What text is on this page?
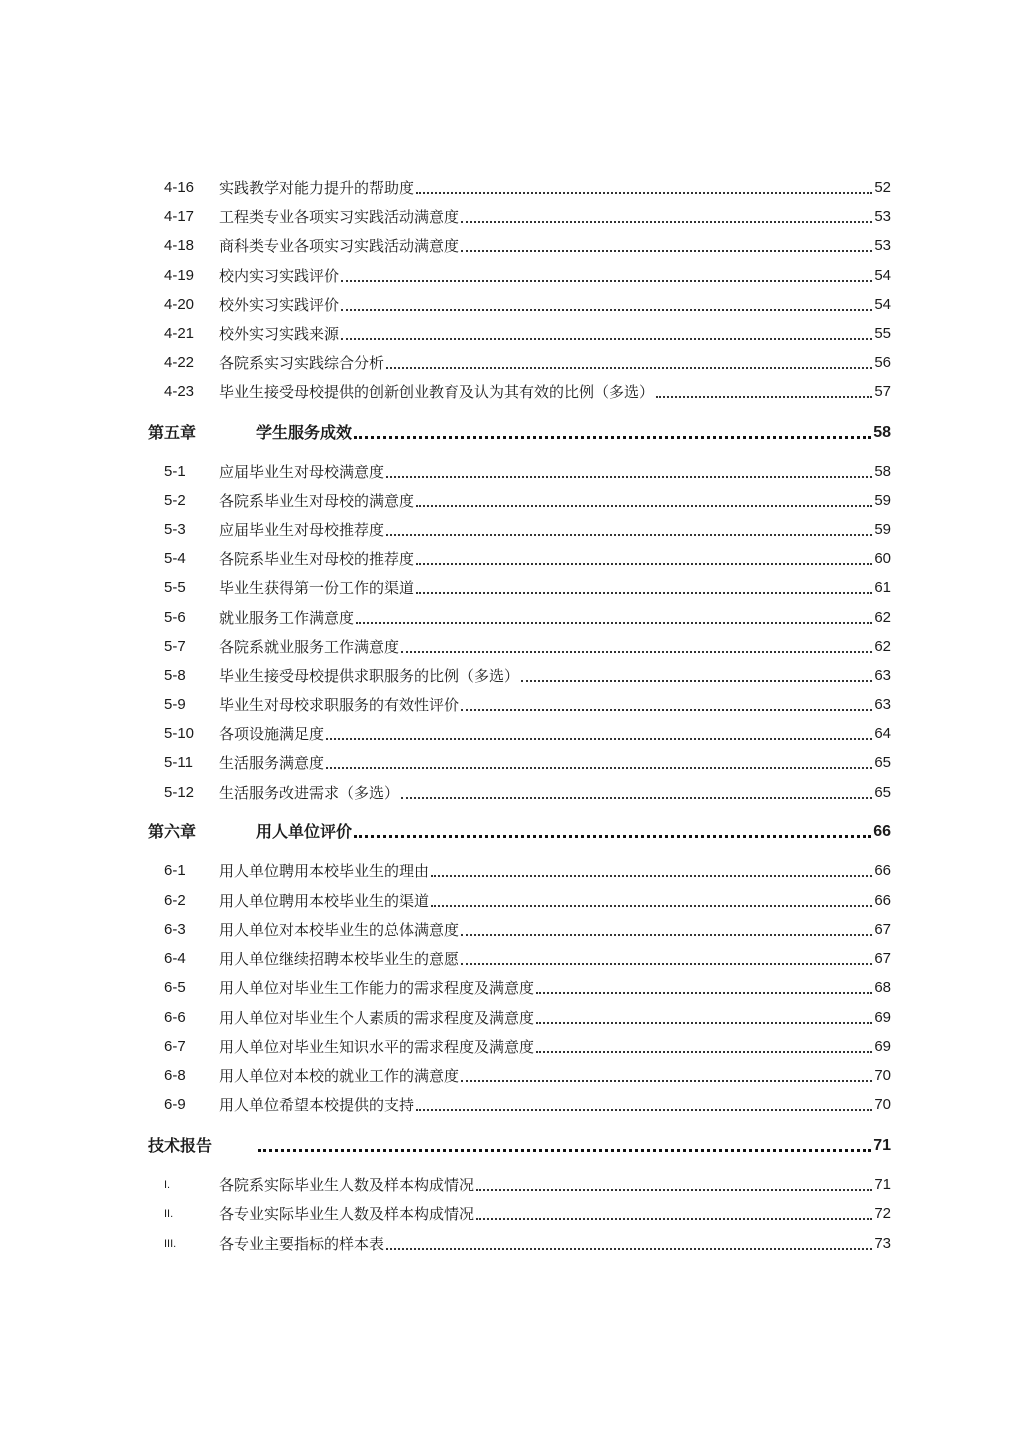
4-16 实践教学对能力提升的帮助度	52
4-17 工程类专业各项实习实践活动满意度	53
4-18 商科类专业各项实习实践活动满意度	53
4-19 校内实习实践评价	54
4-20 校外实习实践评价	54
4-21 校外实习实践来源	55
4-22 各院系实习实践综合分析	56
4-23 毕业生接受母校提供的创新创业教育及认为其有效的比例（多选）	57
第五章	学生服务成效	58
5-1 应届毕业生对母校满意度	58
5-2 各院系毕业生对母校的满意度	59
5-3 应届毕业生对母校推荐度	59
5-4 各院系毕业生对母校的推荐度	60
5-5 毕业生获得第一份工作的渠道	61
5-6 就业服务工作满意度	62
5-7 各院系就业服务工作满意度	62
5-8 毕业生接受母校提供求职服务的比例（多选）	63
5-9 毕业生对母校求职服务的有效性评价	63
5-10 各项设施满足度	64
5-11 生活服务满意度	65
5-12 生活服务改进需求（多选）	65
第六章	用人单位评价	66
6-1 用人单位聘用本校毕业生的理由	66
6-2 用人单位聘用本校毕业生的渠道	66
6-3 用人单位对本校毕业生的总体满意度	67
6-4 用人单位继续招聘本校毕业生的意愿	67
6-5 用人单位对毕业生工作能力的需求程度及满意度	68
6-6 用人单位对毕业生个人素质的需求程度及满意度	69
6-7 用人单位对毕业生知识水平的需求程度及满意度	69
6-8 用人单位对本校的就业工作的满意度	70
6-9 用人单位希望本校提供的支持	70
技术报告	71
I.	各院系实际毕业生人数及样本构成情况	71
II.	各专业实际毕业生人数及样本构成情况	72
III.	各专业主要指标的样本表	73
